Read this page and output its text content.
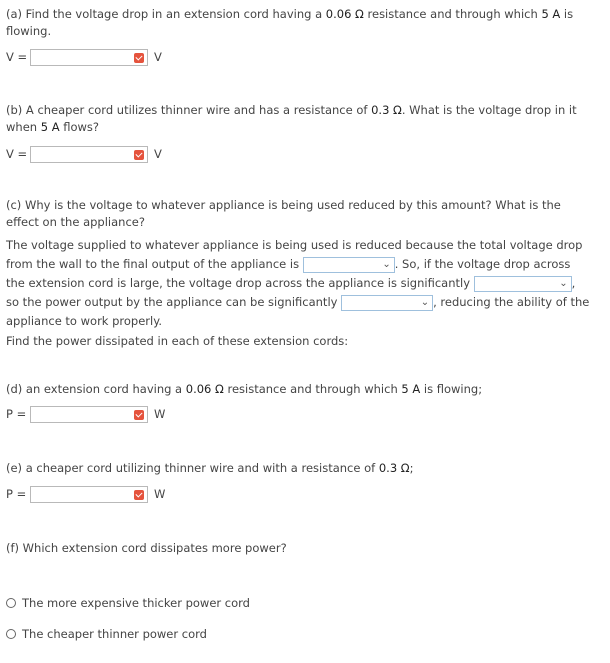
(a) Find the voltage drop in an extension cord having a 0.06 Ω resistance and through which 5 A is flowing.
V =	V
(b) A cheaper cord utilizes thinner wire and has a resistance of 0.3 Ω. What is the voltage drop in it when 5 A flows?
V =	V
(c) Why is the voltage to whatever appliance is being used reduced by this amount? What is the effect on the appliance?
The voltage supplied to whatever appliance is being used is reduced because the total voltage drop from the wall to the final output of the appliance is	⌄ . So, if the voltage drop across the extension cord is large, the voltage drop across the appliance is significantly	⌄ , so the power output by the appliance can be significantly	⌄ , reducing the ability of the appliance to work properly.
Find the power dissipated in each of these extension cords:
(d) an extension cord having a 0.06 Ω resistance and through which 5 A is flowing;
P =	W
(e) a cheaper cord utilizing thinner wire and with a resistance of 0.3 Ω;
P =	W
(f) Which extension cord dissipates more power?
The more expensive thicker power cord
The cheaper thinner power cord
